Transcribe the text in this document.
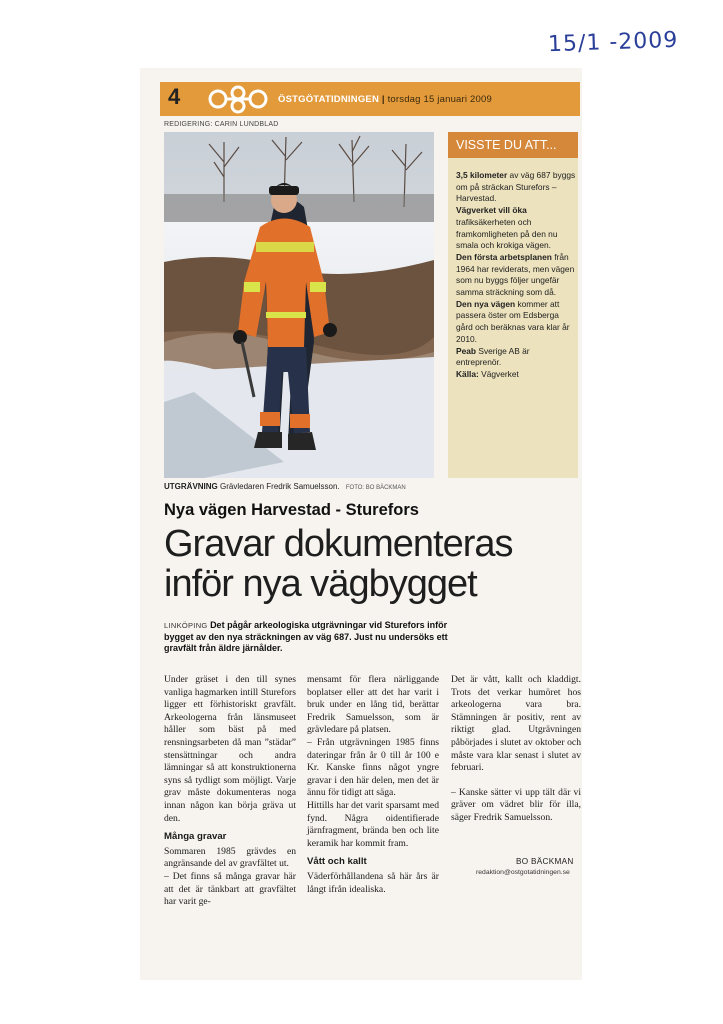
15/1 -2009
4	ÖSTGÖTATIDNINGEN | torsdag 15 januari 2009
REDIGERING: CARIN LUNDBLAD
UTGRÄVNING Grävledaren Fredrik Samuelsson. FOTO: BO BÄCKMAN
VISSTE DU ATT...

3,5 kilometer av väg 687 byggs om på sträckan Sturefors – Harvestad.

Vägverket vill öka trafiksäkerheten och framkomligheten på den nu smala och krokiga vägen.

Den första arbetsplanen från 1964 har reviderats, men vägen som nu byggs följer ungefär samma sträckning som då.

Den nya vägen kommer att passera öster om Edsberga gård och beräknas vara klar år 2010.

Peab Sverige AB är entreprenör.

Källa: Vägverket

Nya vägen Harvestad - Sturefors
Gravar dokumenteras
inför nya vägbygget
LINKÖPING Det pågår arkeologiska utgrävningar vid Sturefors inför bygget av den nya sträckningen av väg 687. Just nu undersöks ett gravfält från äldre järnålder.

Under gräset i den till synes vanliga hagmarken intill Sturefors ligger ett förhistoriskt gravfält. Arkeologerna från länsmuseet håller som bäst på med rensningsarbeten då man ”städar” stensättningar och andra lämningar så att konstruktionerna syns så tydligt som möjligt. Varje grav måste dokumenteras noga innan någon kan börja gräva ut den.

Många gravar

Sommaren 1985 grävdes en angränsande del av gravfältet ut.

– Det finns så många gravar här att det är tänkbart att gravfältet har varit ge-

mensamt för flera närliggande boplatser eller att det har varit i bruk under en lång tid, berättar Fredrik Samuelsson, som är grävledare på platsen.

– Från utgrävningen 1985 finns dateringar från år 0 till år 100 e Kr. Kanske finns något yngre gravar i den här delen, men det är ännu för tidigt att säga.

Hittills har det varit sparsamt med fynd. Några oidentifierade järnfragment, brända ben och lite keramik har kommit fram.

Vått och kallt

Väderförhållandena så här års är långt ifrån idealiska.

Det är vått, kallt och kladdigt. Trots det verkar humöret hos arkeologerna vara bra. Stämningen är positiv, rent av riktigt glad. Utgrävningen påbörjades i slutet av oktober och måste vara klar senast i slutet av februari.

– Kanske sätter vi upp tält där vi gräver om vädret blir för illa, säger Fredrik Samuelsson.

BO BÄCKMAN
redaktion@ostgotatidningen.se
